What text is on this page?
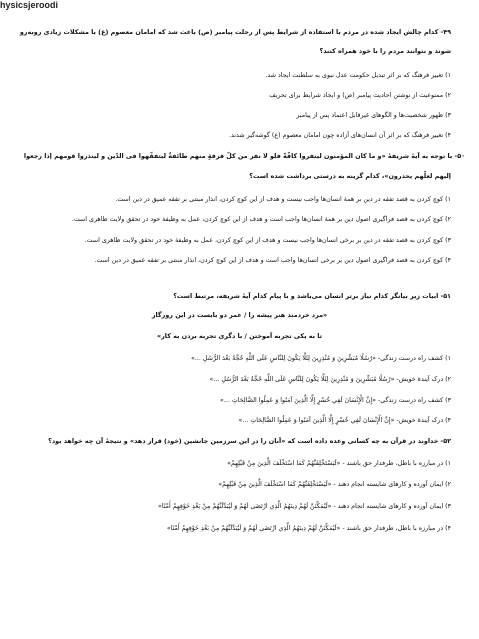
hysicsjeroodi
۴۹- کدام چالش ایجاد شده در مردم با استفاده از شرایط پس از رحلت پیامبر (ص) باعث شد که امامان معصوم (ع) با مشکلات زیادی روبه‌رو
شوند و نتوانند مردم را با خود همراه کنند؟
۱) تغییر فرهنگ که بر اثر تبدیل حکومت عدل نبوی به سلطنت ایجاد شد.
۲) ممنوعیت از نوشتن احادیث پیامبر (ص) و ایجاد شرایط برای تحریف
۳) ظهور شخصیت‌ها و الگوهای غیرقابل اعتماد پس از پیامبر
۴) تغییر فرهنگ که بر اثر آن انسان‌های آزاده چون امامان معصوم (ع) گوشه‌گیر شدند.
۵۰- با توجه به آیهٔ شریفهٔ «و ما کان المؤمنون لینفروا کافّةً فلو لا نفر من کلّ فرقةٍ منهم طائفةٌ لیتفقّهوا فی الدّین و لینذروا قومهم إذا رجعوا
إلیهم لعلّهم یحذرون»، کدام گزینه به درستی برداشت شده است؟
۱) کوچ کردن به قصد تفقه در دین بر همهٔ انسان‌ها واجب نیست و هدف از این کوچ کردن، انذار مبتنی بر تفقه عمیق در دین است.
۲) کوچ کردن به قصد فراگیری اصول دین بر همهٔ انسان‌ها واجب است و هدف از این کوچ کردن، عمل به وظیفهٔ خود در تحقق ولایت ظاهری است.
۳) کوچ کردن به قصد تفقه در دین بر برخی انسان‌ها واجب نیست و هدف از این کوچ کردن، عمل به وظیفهٔ خود در تحقق ولایت ظاهری است.
۴) کوچ کردن به قصد فراگیری اصول دین بر برخی انسان‌ها واجب است و هدف از این کوچ کردن، انذار مبتنی بر تفقه عمیق در دین است.
۵۱- ابیات زیر بیانگر کدام نیاز برتر انسان می‌باشد و با پیام کدام آیهٔ شریفه، مرتبط است؟
«مرد خردمند هنر پیشه را / عمر دو بایست در این روزگار
تا به یکی تجربه آموختن / با دگری تجربه بردن به کار»
۱) کشف راه درست زندگی- «رُسُلًا مُبَشِّرِينَ وَ مُنْذِرِينَ لِئَلَّا يَكُونَ لِلنَّاسِ عَلَى اللَّهِ حُجَّةٌ بَعْدَ الرُّسُلِ ...»
۲) درک آیندهٔ خویش- «رُسُلًا مُبَشِّرِينَ وَ مُنْذِرِينَ لِئَلَّا يَكُونَ لِلنَّاسِ عَلَى اللَّهِ حُجَّةٌ بَعْدَ الرُّسُلِ ...»
۳) کشف راه درست زندگی- «إِنَّ الْإِنْسَانَ لَفِي خُسْرٍ إِلَّا الَّذِينَ آمَنُوا وَ عَمِلُوا الصَّالِحَاتِ ...»
۴) درک آیندهٔ خویش- «إِنَّ الْإِنْسَانَ لَفِي خُسْرٍ إِلَّا الَّذِينَ آمَنُوا وَ عَمِلُوا الصَّالِحَاتِ ...»
۵۲- خداوند در قرآن به چه کسانی وعده داده است که «آنان را در این سرزمین جانشین (خود) قرار دهد» و نتیجهٔ آن چه خواهد بود؟
۱) در مبارزه با باطل، طرفدار حق باشند - «لَيَسْتَخْلِفَنَّهُمْ كَمَا اسْتَخْلَفَ الَّذِينَ مِنْ قَبْلِهِمْ»
۲) ایمان آورده و کارهای شایسته انجام دهند - «لَيَسْتَخْلِفَنَّهُمْ كَمَا اسْتَخْلَفَ الَّذِينَ مِنْ قَبْلِهِمْ»
۳) ایمان آورده و کارهای شایسته انجام دهند - «لَيُمَكِّنَنَّ لَهُمْ دِينَهُمُ الَّذِي ارْتَضَى لَهُمْ وَ لَيُبَدِّلَنَّهُمْ مِنْ بَعْدِ خَوْفِهِمْ أَمْنًا»
۴) در مبارزه با باطل، طرفدار حق باشند - «لَيُمَكِّنَنَّ لَهُمْ دِينَهُمُ الَّذِي ارْتَضَى لَهُمْ وَ لَيُبَدِّلَنَّهُمْ مِنْ بَعْدِ خَوْفِهِمْ أَمْنًا»
